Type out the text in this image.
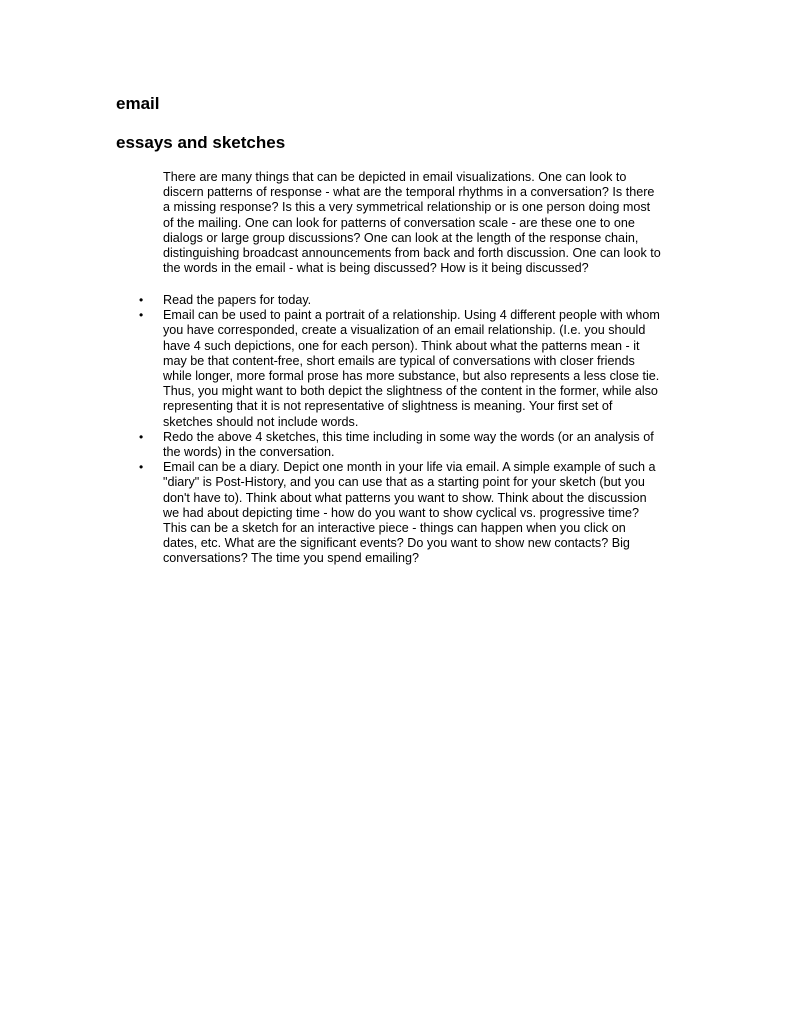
email
essays and sketches

There are many things that can be depicted in email visualizations. One can look to
discern patterns of response - what are the temporal rhythms in a conversation? Is there
a missing response? Is this a very symmetrical relationship or is one person doing most
of the mailing. One can look for patterns of conversation scale - are these one to one
dialogs or large group discussions? One can look at the length of the response chain,
distinguishing broadcast announcements from back and forth discussion. One can look to
the words in the email - what is being discussed? How is it being discussed?

• Read the papers for today.
• Email can be used to paint a portrait of a relationship. Using 4 different people with whom
you have corresponded, create a visualization of an email relationship. (I.e. you should
have 4 such depictions, one for each person). Think about what the patterns mean - it
may be that content-free, short emails are typical of conversations with closer friends
while longer, more formal prose has more substance, but also represents a less close tie.
Thus, you might want to both depict the slightness of the content in the former, while also
representing that it is not representative of slightness is meaning. Your first set of
sketches should not include words.
• Redo the above 4 sketches, this time including in some way the words (or an analysis of
the words) in the conversation.
• Email can be a diary. Depict one month in your life via email. A simple example of such a
"diary" is Post-History, and you can use that as a starting point for your sketch (but you
don't have to). Think about what patterns you want to show. Think about the discussion
we had about depicting time - how do you want to show cyclical vs. progressive time?
This can be a sketch for an interactive piece - things can happen when you click on
dates, etc. What are the significant events? Do you want to show new contacts? Big
conversations? The time you spend emailing?
